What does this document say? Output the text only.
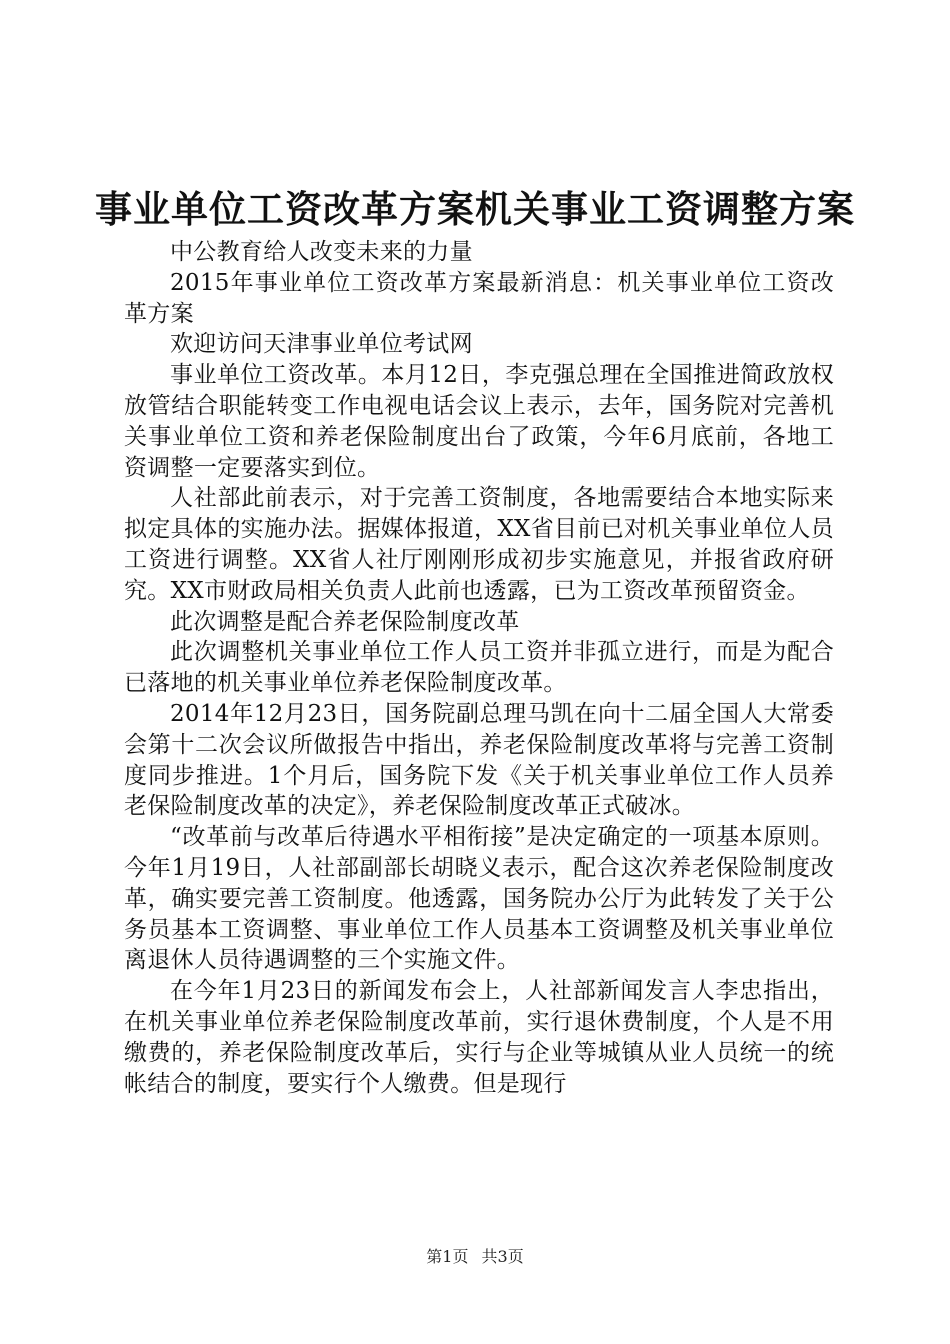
事业单位工资改革方案机关事业工资调整方案

中公教育给人改变未来的力量

2015年事业单位工资改革方案最新消息：机关事业单位工资改革方案

欢迎访问天津事业单位考试网

事业单位工资改革。本月12日，李克强总理在全国推进简政放权放管结合职能转变工作电视电话会议上表示，去年，国务院对完善机关事业单位工资和养老保险制度出台了政策，今年6月底前，各地工资调整一定要落实到位。

人社部此前表示，对于完善工资制度，各地需要结合本地实际来拟定具体的实施办法。据媒体报道，XX省目前已对机关事业单位人员工资进行调整。XX省人社厅刚刚形成初步实施意见，并报省政府研究。XX市财政局相关负责人此前也透露，已为工资改革预留资金。

此次调整是配合养老保险制度改革

此次调整机关事业单位工作人员工资并非孤立进行，而是为配合已落地的机关事业单位养老保险制度改革。

2014年12月23日，国务院副总理马凯在向十二届全国人大常委会第十二次会议所做报告中指出，养老保险制度改革将与完善工资制度同步推进。1个月后，国务院下发《关于机关事业单位工作人员养老保险制度改革的决定》，养老保险制度改革正式破冰。

“改革前与改革后待遇水平相衔接”是决定确定的一项基本原则。今年1月19日，人社部副部长胡晓义表示，配合这次养老保险制度改革，确实要完善工资制度。他透露，国务院办公厅为此转发了关于公务员基本工资调整、事业单位工作人员基本工资调整及机关事业单位离退休人员待遇调整的三个实施文件。

在今年1月23日的新闻发布会上，人社部新闻发言人李忠指出，在机关事业单位养老保险制度改革前，实行退休费制度，个人是不用缴费的，养老保险制度改革后，实行与企业等城镇从业人员统一的统帐结合的制度，要实行个人缴费。但是现行

第1页 共3页
